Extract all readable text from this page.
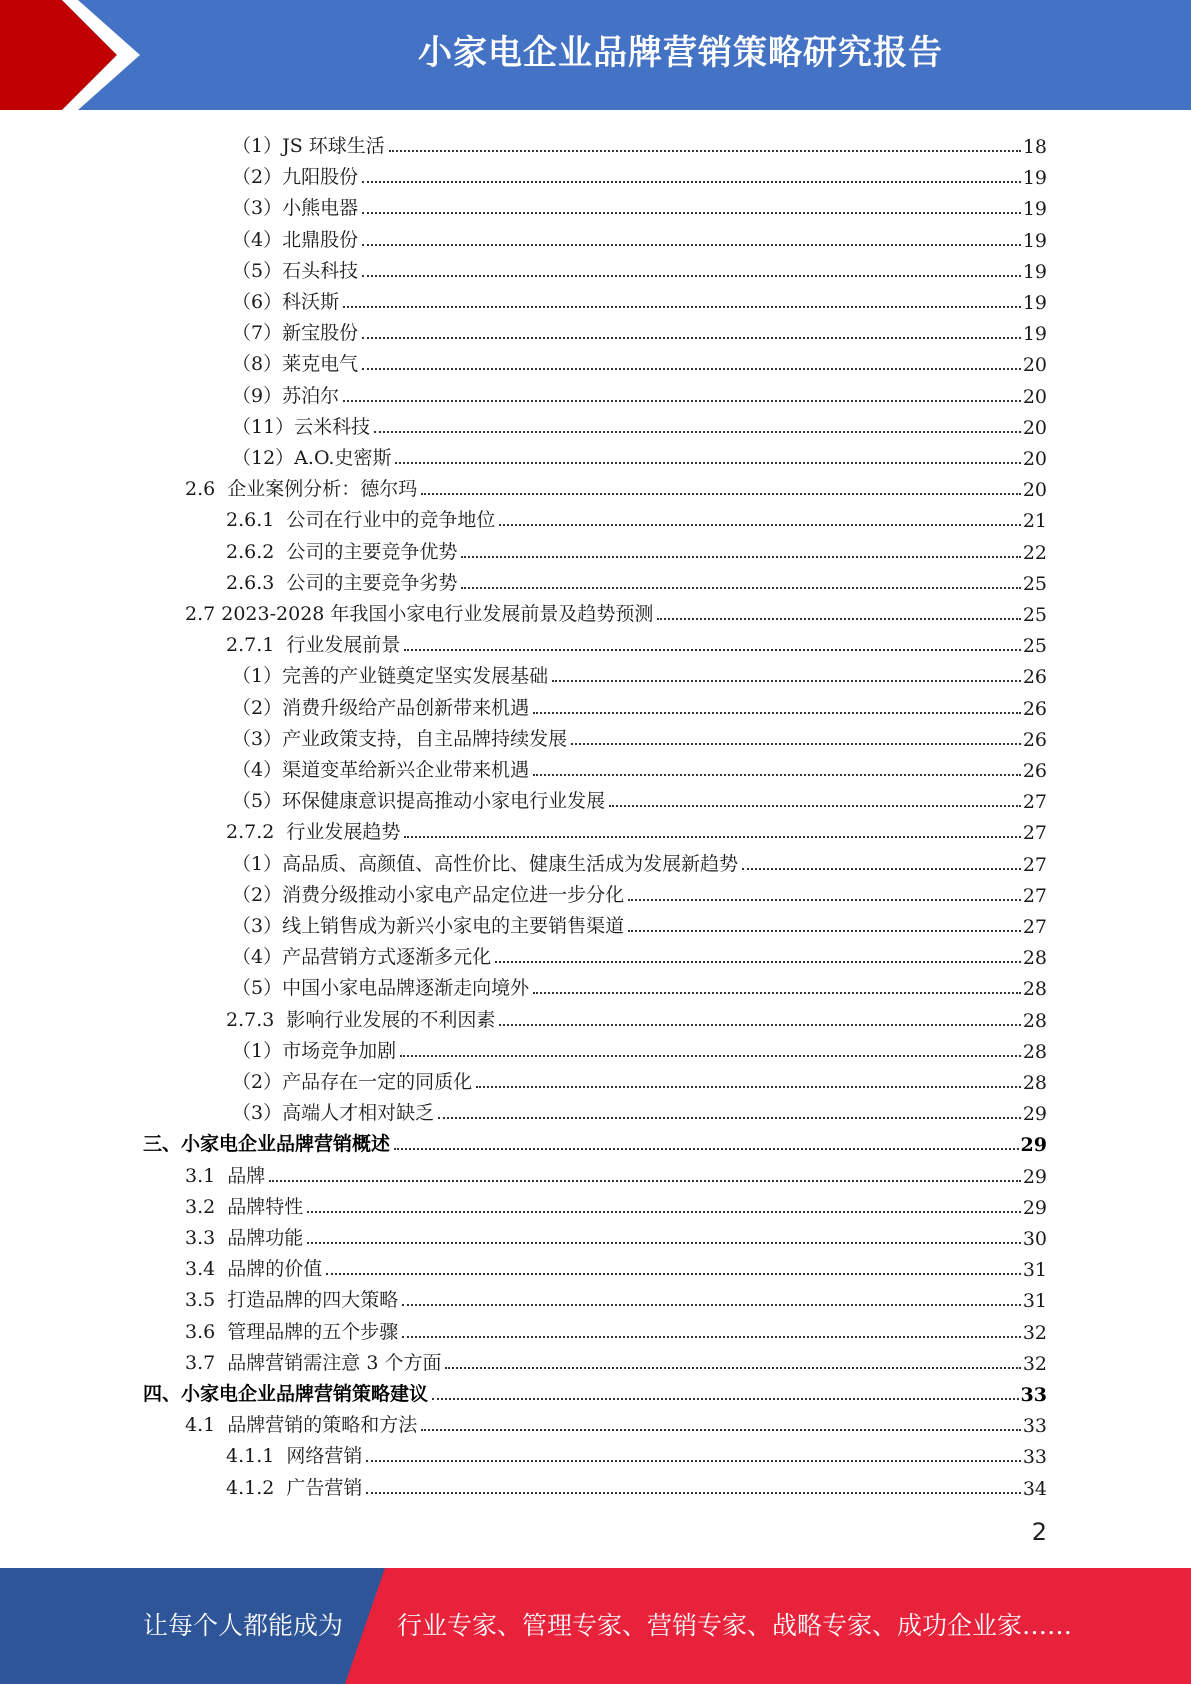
小家电企业品牌营销策略研究报告
（1）JS 环球生活	18
（2）九阳股份	19
（3）小熊电器	19
（4）北鼎股份	19
（5）石头科技	19
（6）科沃斯	19
（7）新宝股份	19
（8）莱克电气	20
（9）苏泊尔	20
（11）云米科技	20
（12）A.O.史密斯	20
2.6  企业案例分析：德尔玛	20
2.6.1  公司在行业中的竞争地位	21
2.6.2  公司的主要竞争优势	22
2.6.3  公司的主要竞争劣势	25
2.7 2023-2028 年我国小家电行业发展前景及趋势预测	25
2.7.1  行业发展前景	25
（1）完善的产业链奠定坚实发展基础	26
（2）消费升级给产品创新带来机遇	26
（3）产业政策支持，自主品牌持续发展	26
（4）渠道变革给新兴企业带来机遇	26
（5）环保健康意识提高推动小家电行业发展	27
2.7.2  行业发展趋势	27
（1）高品质、高颜值、高性价比、健康生活成为发展新趋势	27
（2）消费分级推动小家电产品定位进一步分化	27
（3）线上销售成为新兴小家电的主要销售渠道	27
（4）产品营销方式逐渐多元化	28
（5）中国小家电品牌逐渐走向境外	28
2.7.3  影响行业发展的不利因素	28
（1）市场竞争加剧	28
（2）产品存在一定的同质化	28
（3）高端人才相对缺乏	29
三、小家电企业品牌营销概述	29
3.1  品牌	29
3.2  品牌特性	29
3.3  品牌功能	30
3.4  品牌的价值	31
3.5  打造品牌的四大策略	31
3.6  管理品牌的五个步骤	32
3.7  品牌营销需注意 3 个方面	32
四、小家电企业品牌营销策略建议	33
4.1  品牌营销的策略和方法	33
4.1.1  网络营销	33
4.1.2  广告营销	34
2
让每个人都能成为 行业专家、管理专家、营销专家、战略专家、成功企业家……
